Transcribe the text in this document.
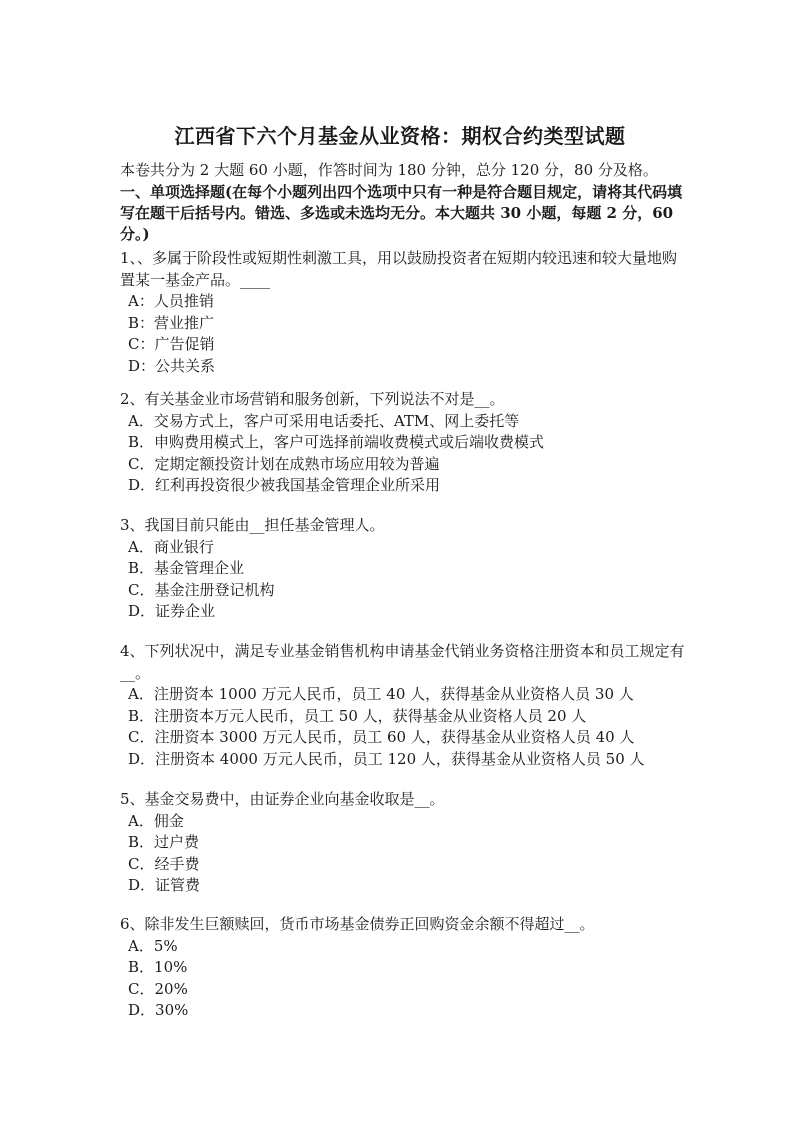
江西省下六个月基金从业资格：期权合约类型试题
本卷共分为 2 大题 60 小题，作答时间为 180 分钟，总分 120 分，80 分及格。
一、单项选择题(在每个小题列出四个选项中只有一种是符合题目规定，请将其代码填写在题干后括号内。错选、多选或未选均无分。本大题共 30 小题，每题 2 分，60 分。)

1、、多属于阶段性或短期性刺激工具，用以鼓励投资者在短期内较迅速和较大量地购置某一基金产品。____

A：人员推销
B：营业推广
C：广告促销
D：公共关系

2、有关基金业市场营销和服务创新，下列说法不对是__。

A．交易方式上，客户可采用电话委托、ATM、网上委托等
B．申购费用模式上，客户可选择前端收费模式或后端收费模式
C．定期定额投资计划在成熟市场应用较为普遍
D．红利再投资很少被我国基金管理企业所采用

3、我国目前只能由__担任基金管理人。

A．商业银行
B．基金管理企业
C．基金注册登记机构
D．证券企业

4、下列状况中，满足专业基金销售机构申请基金代销业务资格注册资本和员工规定有__。

A．注册资本 1000 万元人民币，员工 40 人，获得基金从业资格人员 30 人
B．注册资本万元人民币，员工 50 人，获得基金从业资格人员 20 人
C．注册资本 3000 万元人民币，员工 60 人，获得基金从业资格人员 40 人
D．注册资本 4000 万元人民币，员工 120 人，获得基金从业资格人员 50 人

5、基金交易费中，由证券企业向基金收取是__。

A．佣金
B．过户费
C．经手费
D．证管费

6、除非发生巨额赎回，货币市场基金债券正回购资金余额不得超过__。

A．5%
B．10%
C．20%
D．30%
